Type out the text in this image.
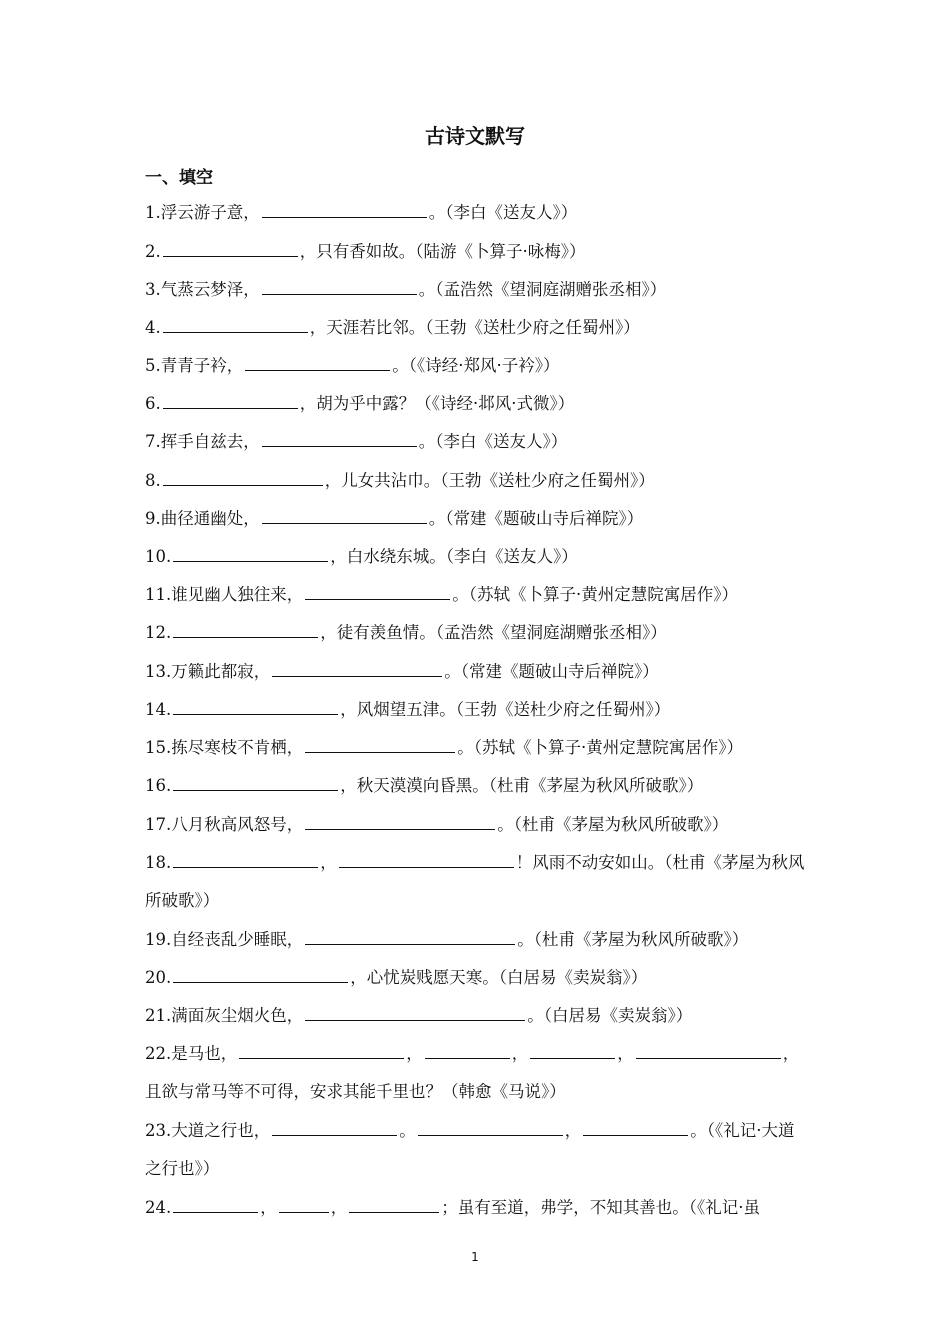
古诗文默写
一、填空
1.浮云游子意，	。（李白《送友人》）
2.	，只有香如故。（陆游《卜算子·咏梅》）
3.气蒸云梦泽，	。（孟浩然《望洞庭湖赠张丞相》）
4.	，天涯若比邻。（王勃《送杜少府之任蜀州》）
5.青青子衿，	。（《诗经·郑风·子衿》）
6.	，胡为乎中露？（《诗经·邶风·式微》）
7.挥手自兹去，	。（李白《送友人》）
8.	，儿女共沾巾。（王勃《送杜少府之任蜀州》）
9.曲径通幽处，	。（常建《题破山寺后禅院》）
10.	，白水绕东城。（李白《送友人》）
11.谁见幽人独往来，	。（苏轼《卜算子·黄州定慧院寓居作》）
12.	，徒有羡鱼情。（孟浩然《望洞庭湖赠张丞相》）
13.万籁此都寂，	。（常建《题破山寺后禅院》）
14.	，风烟望五津。（王勃《送杜少府之任蜀州》）
15.拣尽寒枝不肯栖，	。（苏轼《卜算子·黄州定慧院寓居作》）
16.	，秋天漠漠向昏黑。（杜甫《茅屋为秋风所破歌》）
17.八月秋高风怒号，	。（杜甫《茅屋为秋风所破歌》）
18.	，	！风雨不动安如山。（杜甫《茅屋为秋风所破歌》）
19.自经丧乱少睡眠，	。（杜甫《茅屋为秋风所破歌》）
20.	，心忧炭贱愿天寒。（白居易《卖炭翁》）
21.满面灰尘烟火色，	。（白居易《卖炭翁》）
22.是马也，	，	，	，	，且欲与常马等不可得，安求其能千里也？（韩愈《马说》）
23.大道之行也，	。	，	。（《礼记·大道之行也》）
24.	，	，	；虽有至道，弗学，不知其善也。（《礼记·虽
1
